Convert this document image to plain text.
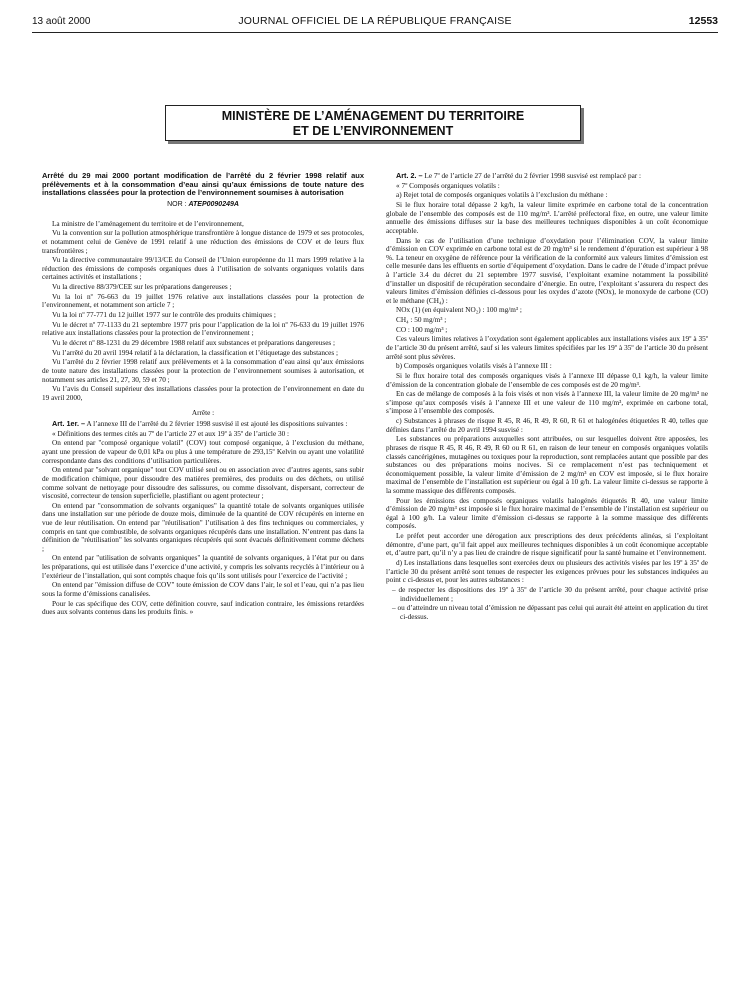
13 août 2000	JOURNAL OFFICIEL DE LA RÉPUBLIQUE FRANÇAISE	12553
MINISTÈRE DE L’AMÉNAGEMENT DU TERRITOIRE
ET DE L’ENVIRONNEMENT
Arrêté du 29 mai 2000 portant modification de l’arrêté du 2 février 1998 relatif aux prélèvements et à la consommation d’eau ainsi qu’aux émissions de toute nature des installations classées pour la protection de l’environnement soumises à autorisation
NOR : ATEP0090249A

La ministre de l’aménagement du territoire et de l’environnement,

Vu la convention sur la pollution atmosphérique transfrontière à longue distance de 1979 et ses protocoles, et notamment celui de Genève de 1991 relatif à une réduction des émissions de COV et de leurs flux transfrontières ;

Vu la directive communautaire 99/13/CE du Conseil de l’Union européenne du 11 mars 1999 relative à la réduction des émissions de composés organiques dues à l’utilisation de solvants organiques volatils dans certaines activités et installations ;

Vu la directive 88/379/CEE sur les préparations dangereuses ;

Vu la loi nº 76-663 du 19 juillet 1976 relative aux installations classées pour la protection de l’environnement, et notamment son article 7 ;

Vu la loi nº 77-771 du 12 juillet 1977 sur le contrôle des produits chimiques ;

Vu le décret nº 77-1133 du 21 septembre 1977 pris pour l’application de la loi nº 76-633 du 19 juillet 1976 relative aux installations classées pour la protection de l’environnement ;

Vu le décret nº 88-1231 du 29 décembre 1988 relatif aux substances et préparations dangereuses ;

Vu l’arrêté du 20 avril 1994 relatif à la déclaration, la classification et l’étiquetage des substances ;

Vu l’arrêté du 2 février 1998 relatif aux prélèvements et à la consommation d’eau ainsi qu’aux émissions de toute nature des installations classées pour la protection de l’environnement soumises à autorisation, et notamment ses articles 21, 27, 30, 59 et 70 ;

Vu l’avis du Conseil supérieur des installations classées pour la protection de l’environnement en date du 19 avril 2000,

Arrête :

Art. 1er. – A l’annexe III de l’arrêté du 2 février 1998 susvisé il est ajouté les dispositions suivantes :

« Définitions des termes cités au 7º de l’article 27 et aux 19º à 35º de l’article 30 :

On entend par "composé organique volatil" (COV) tout composé organique, à l’exclusion du méthane, ayant une pression de vapeur de 0,01 kPa ou plus à une température de 293,15º Kelvin ou ayant une volatilité correspondante dans des conditions d’utilisation particulières.

On entend par "solvant organique" tout COV utilisé seul ou en association avec d’autres agents, sans subir de modification chimique, pour dissoudre des matières premières, des produits ou des déchets, ou utilisé comme solvant de nettoyage pour dissoudre des salissures, ou comme dissolvant, dispersant, correcteur de viscosité, correcteur de tension superficielle, plastifiant ou agent protecteur ;

On entend par "consommation de solvants organiques" la quantité totale de solvants organiques utilisée dans une installation sur une période de douze mois, diminuée de la quantité de COV récupérés en interne en vue de leur réutilisation. On entend par "réutilisation" l’utilisation à des fins techniques ou commerciales, y compris en tant que combustible, de solvants organiques récupérés dans une installation. N’entrent pas dans la définition de "réutilisation" les solvants organiques récupérés qui sont évacués définitivement comme déchets ;

On entend par "utilisation de solvants organiques" la quantité de solvants organiques, à l’état pur ou dans les préparations, qui est utilisée dans l’exercice d’une activité, y compris les solvants recyclés à l’intérieur ou à l’extérieur de l’installation, qui sont comptés chaque fois qu’ils sont utilisés pour l’exercice de l’activité ;

On entend par "émission diffuse de COV" toute émission de COV dans l’air, le sol et l’eau, qui n’a pas lieu sous la forme d’émissions canalisées.

Pour le cas spécifique des COV, cette définition couvre, sauf indication contraire, les émissions retardées dues aux solvants contenus dans les produits finis. »

Art. 2. – Le 7º de l’article 27 de l’arrêté du 2 février 1998 susvisé est remplacé par :

« 7º Composés organiques volatils :

a) Rejet total de composés organiques volatils à l’exclusion du méthane :

Si le flux horaire total dépasse 2 kg/h, la valeur limite exprimée en carbone total de la concentration globale de l’ensemble des composés est de 110 mg/m³. L’arrêté préfectoral fixe, en outre, une valeur limite annuelle des émissions diffuses sur la base des meilleures techniques disponibles à un coût économique acceptable.

Dans le cas de l’utilisation d’une technique d’oxydation pour l’élimination COV, la valeur limite d’émission en COV exprimée en carbone total est de 20 mg/m³ si le rendement d’épuration est supérieur à 98 %. La teneur en oxygène de référence pour la vérification de la conformité aux valeurs limites d’émission est celle mesurée dans les effluents en sortie d’équipement d’oxydation. Dans le cadre de l’étude d’impact prévue à l’article 3.4 du décret du 21 septembre 1977 susvisé, l’exploitant examine notamment la possibilité d’installer un dispositif de récupération secondaire d’énergie. En outre, l’exploitant s’assurera du respect des valeurs limites d’émission définies ci-dessous pour les oxydes d’azote (NOx), le monoxyde de carbone (CO) et le méthane (CH₄) :

NOx (1) (en équivalent NO₂) : 100 mg/m³ ;

CH₄ : 50 mg/m³ ;

CO : 100 mg/m³ ;

Ces valeurs limites relatives à l’oxydation sont également applicables aux installations visées aux 19º à 35º de l’article 30 du présent arrêté, sauf si les valeurs limites spécifiées par les 19º à 35º de l’article 30 du présent arrêté sont plus sévères.

b) Composés organiques volatils visés à l’annexe III :

Si le flux horaire total des composés organiques visés à l’annexe III dépasse 0,1 kg/h, la valeur limite d’émission de la concentration globale de l’ensemble de ces composés est de 20 mg/m³.

En cas de mélange de composés à la fois visés et non visés à l’annexe III, la valeur limite de 20 mg/m³ ne s’impose qu’aux composés visés à l’annexe III et une valeur de 110 mg/m³, exprimée en carbone total, s’impose à l’ensemble des composés.

c) Substances à phrases de risque R 45, R 46, R 49, R 60, R 61 et halogénées étiquetées R 40, telles que définies dans l’arrêté du 20 avril 1994 susvisé :

Les substances ou préparations auxquelles sont attribuées, ou sur lesquelles doivent être apposées, les phrases de risque R 45, R 46, R 49, R 60 ou R 61, en raison de leur teneur en composés organiques volatils classés cancérigènes, mutagènes ou toxiques pour la reproduction, sont remplacées autant que possible par des substances ou des préparations moins nocives. Si ce remplacement n’est pas techniquement et économiquement possible, la valeur limite d’émission de 2 mg/m³ en COV est imposée, si le flux horaire maximal de l’ensemble de l’installation est supérieur ou égal à 10 g/h. La valeur limite ci-dessus se rapporte à la somme massique des différents composés.

Pour les émissions des composés organiques volatils halogénés étiquetés R 40, une valeur limite d’émission de 20 mg/m³ est imposée si le flux horaire maximal de l’ensemble de l’installation est supérieur ou égal à 100 g/h. La valeur limite d’émission ci-dessus se rapporte à la somme massique des différents composés.

Le préfet peut accorder une dérogation aux prescriptions des deux précédents alinéas, si l’exploitant démontre, d’une part, qu’il fait appel aux meilleures techniques disponibles à un coût économique acceptable et, d’autre part, qu’il n’y a pas lieu de craindre de risque significatif pour la santé humaine et l’environnement.

d) Les installations dans lesquelles sont exercées deux ou plusieurs des activités visées par les 19º à 35º de l’article 30 du présent arrêté sont tenues de respecter les exigences prévues pour les substances indiquées au point c ci-dessus et, pour les autres substances :

– de respecter les dispositions des 19º à 35º de l’article 30 du présent arrêté, pour chaque activité prise individuellement ;

– ou d’atteindre un niveau total d’émission ne dépassant pas celui qui aurait été atteint en application du tiret ci-dessus.
